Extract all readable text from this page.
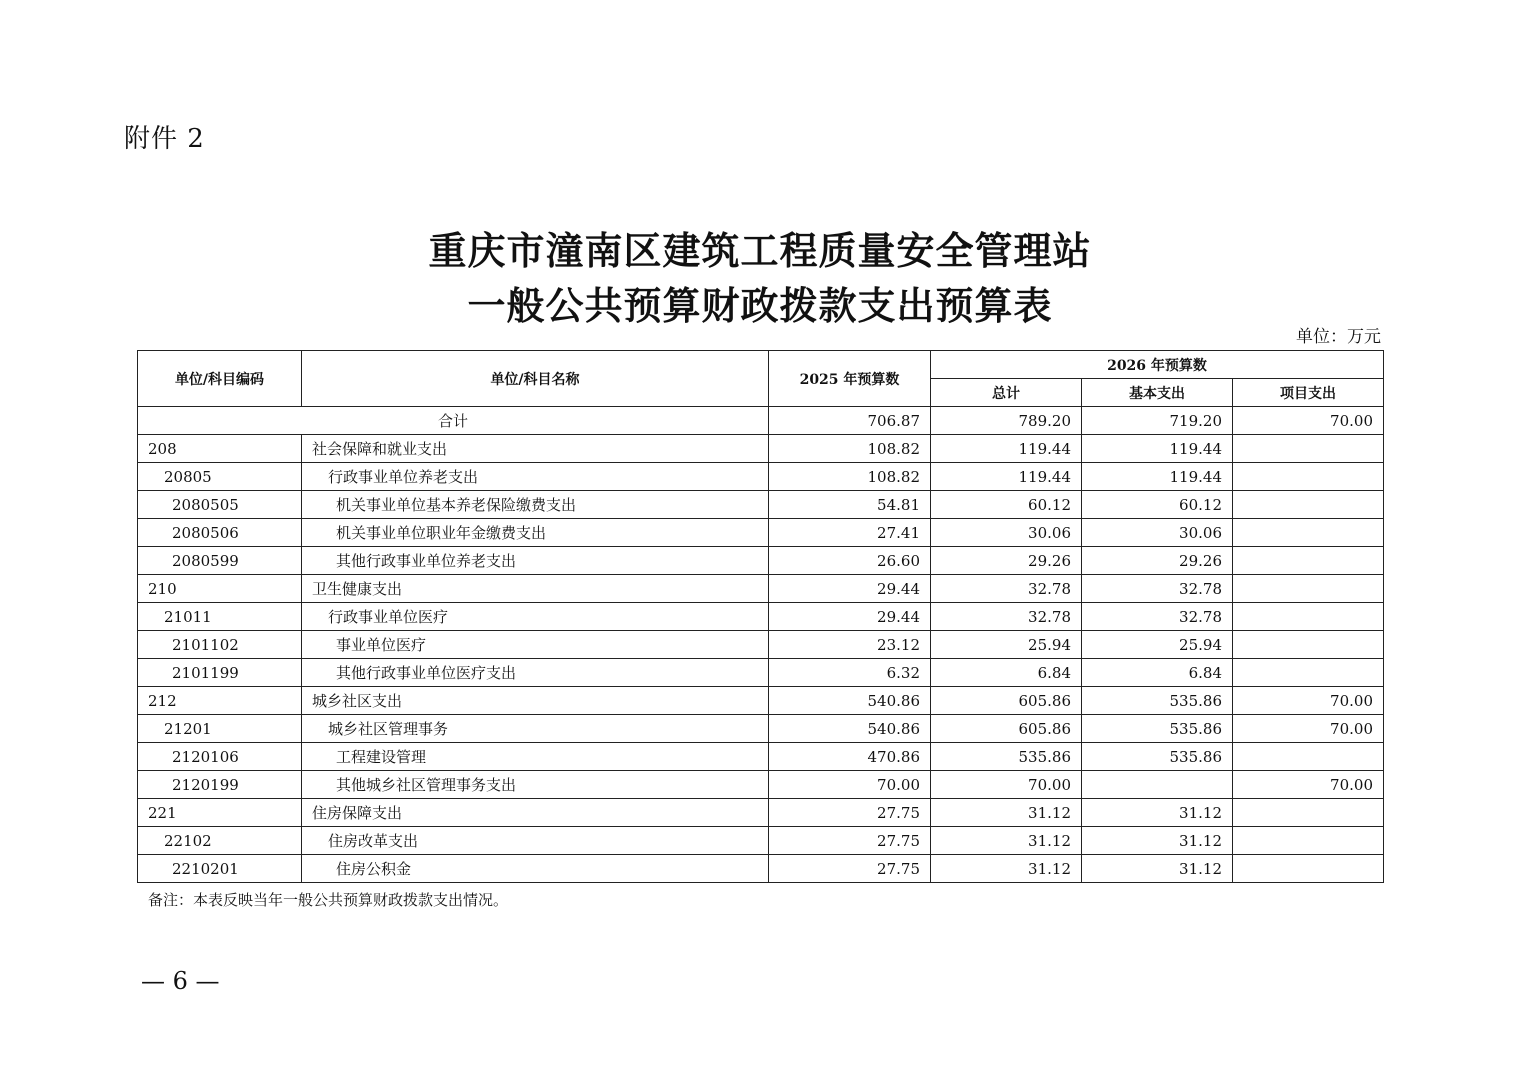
附件 2
重庆市潼南区建筑工程质量安全管理站
一般公共预算财政拨款支出预算表
单位：万元
单位/科目编码	单位/科目名称	2025 年预算数	2026 年预算数		
			总计	基本支出	项目支出
合计		706.87	789.20	719.20	70.00
208	社会保障和就业支出	108.82	119.44	119.44	
20805	行政事业单位养老支出	108.82	119.44	119.44	
2080505	机关事业单位基本养老保险缴费支出	54.81	60.12	60.12	
2080506	机关事业单位职业年金缴费支出	27.41	30.06	30.06	
2080599	其他行政事业单位养老支出	26.60	29.26	29.26	
210	卫生健康支出	29.44	32.78	32.78	
21011	行政事业单位医疗	29.44	32.78	32.78	
2101102	事业单位医疗	23.12	25.94	25.94	
2101199	其他行政事业单位医疗支出	6.32	6.84	6.84	
212	城乡社区支出	540.86	605.86	535.86	70.00
21201	城乡社区管理事务	540.86	605.86	535.86	70.00
2120106	工程建设管理	470.86	535.86	535.86	
2120199	其他城乡社区管理事务支出	70.00	70.00		70.00
221	住房保障支出	27.75	31.12	31.12	
22102	住房改革支出	27.75	31.12	31.12	
2210201	住房公积金	27.75	31.12	31.12	
备注：本表反映当年一般公共预算财政拨款支出情况。
— 6 —
